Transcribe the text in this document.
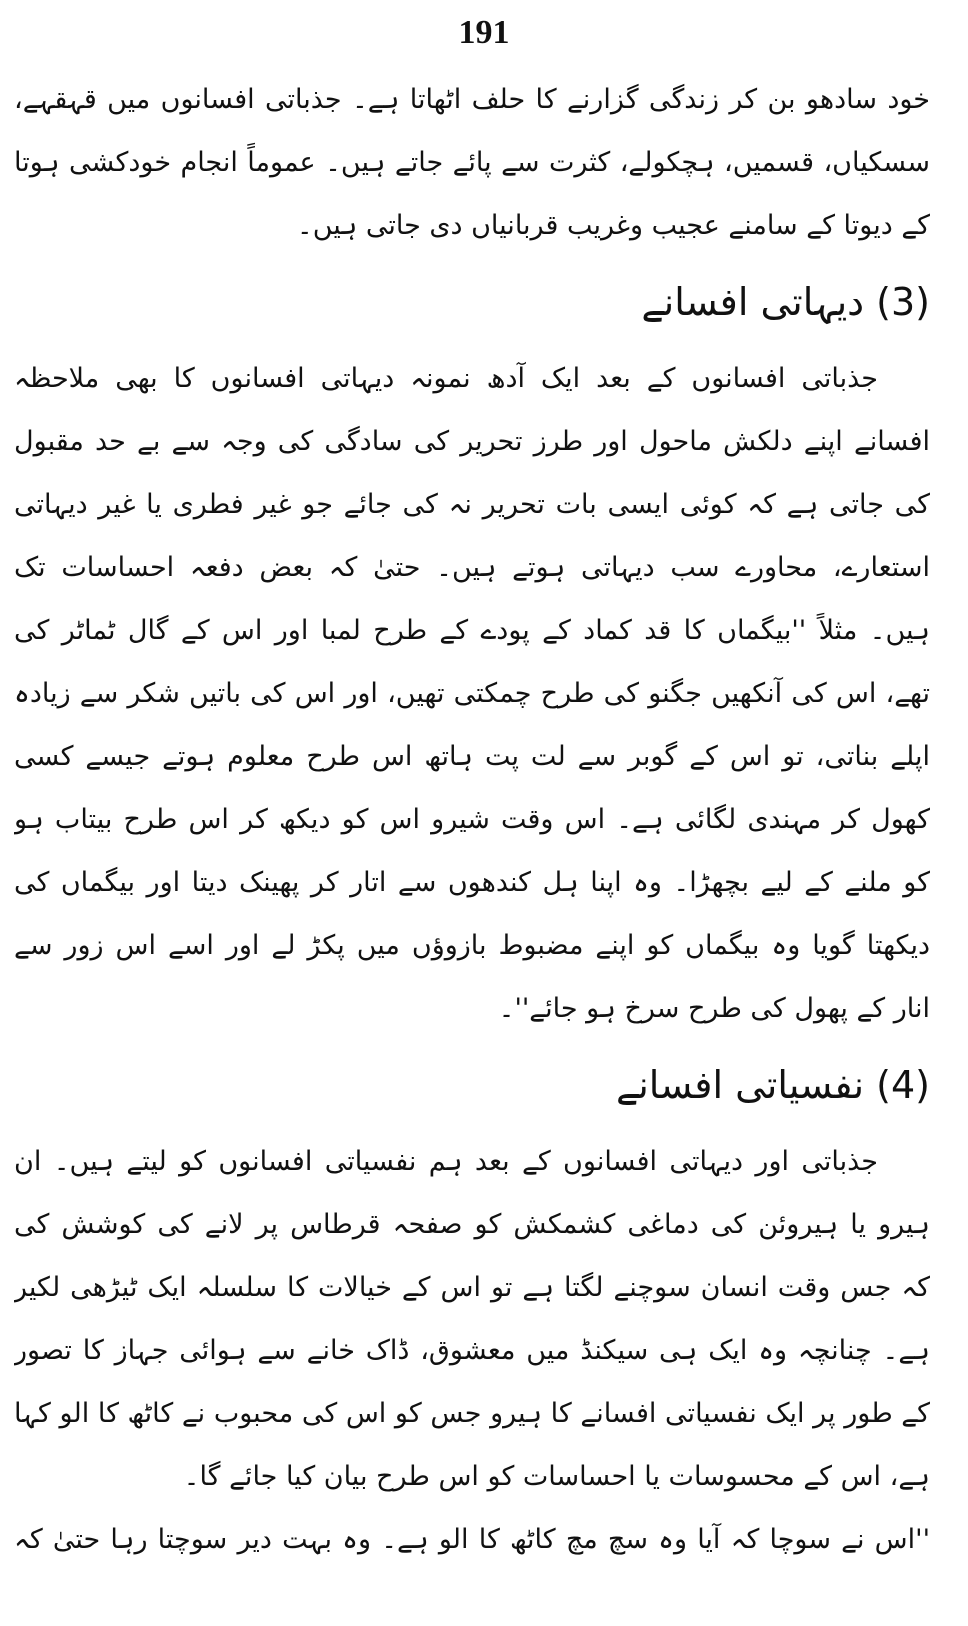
191
خود سادھو بن کر زندگی گزارنے کا حلف اٹھاتا ہے۔ جذباتی افسانوں میں قہقہے،
سسکیاں، قسمیں، ہچکولے، کثرت سے پائے جاتے ہیں۔ عموماً انجام خودکشی ہوتا
کے دیوتا کے سامنے عجیب وغریب قربانیاں دی جاتی ہیں۔
(3) دیہاتی افسانے
جذباتی افسانوں کے بعد ایک آدھ نمونہ دیہاتی افسانوں کا بھی ملاحظہ
افسانے اپنے دلکش ماحول اور طرز تحریر کی سادگی کی وجہ سے بے حد مقبول
کی جاتی ہے کہ کوئی ایسی بات تحریر نہ کی جائے جو غیر فطری یا غیر دیہاتی
استعارے، محاورے سب دیہاتی ہوتے ہیں۔ حتیٰ کہ بعض دفعہ احساسات تک
ہیں۔ مثلاً ''بیگماں کا قد کماد کے پودے کے طرح لمبا اور اس کے گال ٹماٹر کی
تھے، اس کی آنکھیں جگنو کی طرح چمکتی تھیں، اور اس کی باتیں شکر سے زیادہ
اپلے بناتی، تو اس کے گوبر سے لت پت ہاتھ اس طرح معلوم ہوتے جیسے کسی
کھول کر مہندی لگائی ہے۔ اس وقت شیرو اس کو دیکھ کر اس طرح بیتاب ہو
کو ملنے کے لیے بچھڑا۔ وہ اپنا ہل کندھوں سے اتار کر پھینک دیتا اور بیگماں کی
دیکھتا گویا وہ بیگماں کو اپنے مضبوط بازوؤں میں پکڑ لے اور اسے اس زور سے
انار کے پھول کی طرح سرخ ہو جائے''۔
(4) نفسیاتی افسانے
جذباتی اور دیہاتی افسانوں کے بعد ہم نفسیاتی افسانوں کو لیتے ہیں۔ ان
ہیرو یا ہیروئن کی دماغی کشمکش کو صفحہ قرطاس پر لانے کی کوشش کی
کہ جس وقت انسان سوچنے لگتا ہے تو اس کے خیالات کا سلسلہ ایک ٹیڑھی لکیر
ہے۔ چنانچہ وہ ایک ہی سیکنڈ میں معشوق، ڈاک خانے سے ہوائی جہاز کا تصور
کے طور پر ایک نفسیاتی افسانے کا ہیرو جس کو اس کی محبوب نے کاٹھ کا الو کہا
ہے، اس کے محسوسات یا احساسات کو اس طرح بیان کیا جائے گا۔
''اس نے سوچا کہ آیا وہ سچ مچ کاٹھ کا الو ہے۔ وہ بہت دیر سوچتا رہا حتیٰ کہ
